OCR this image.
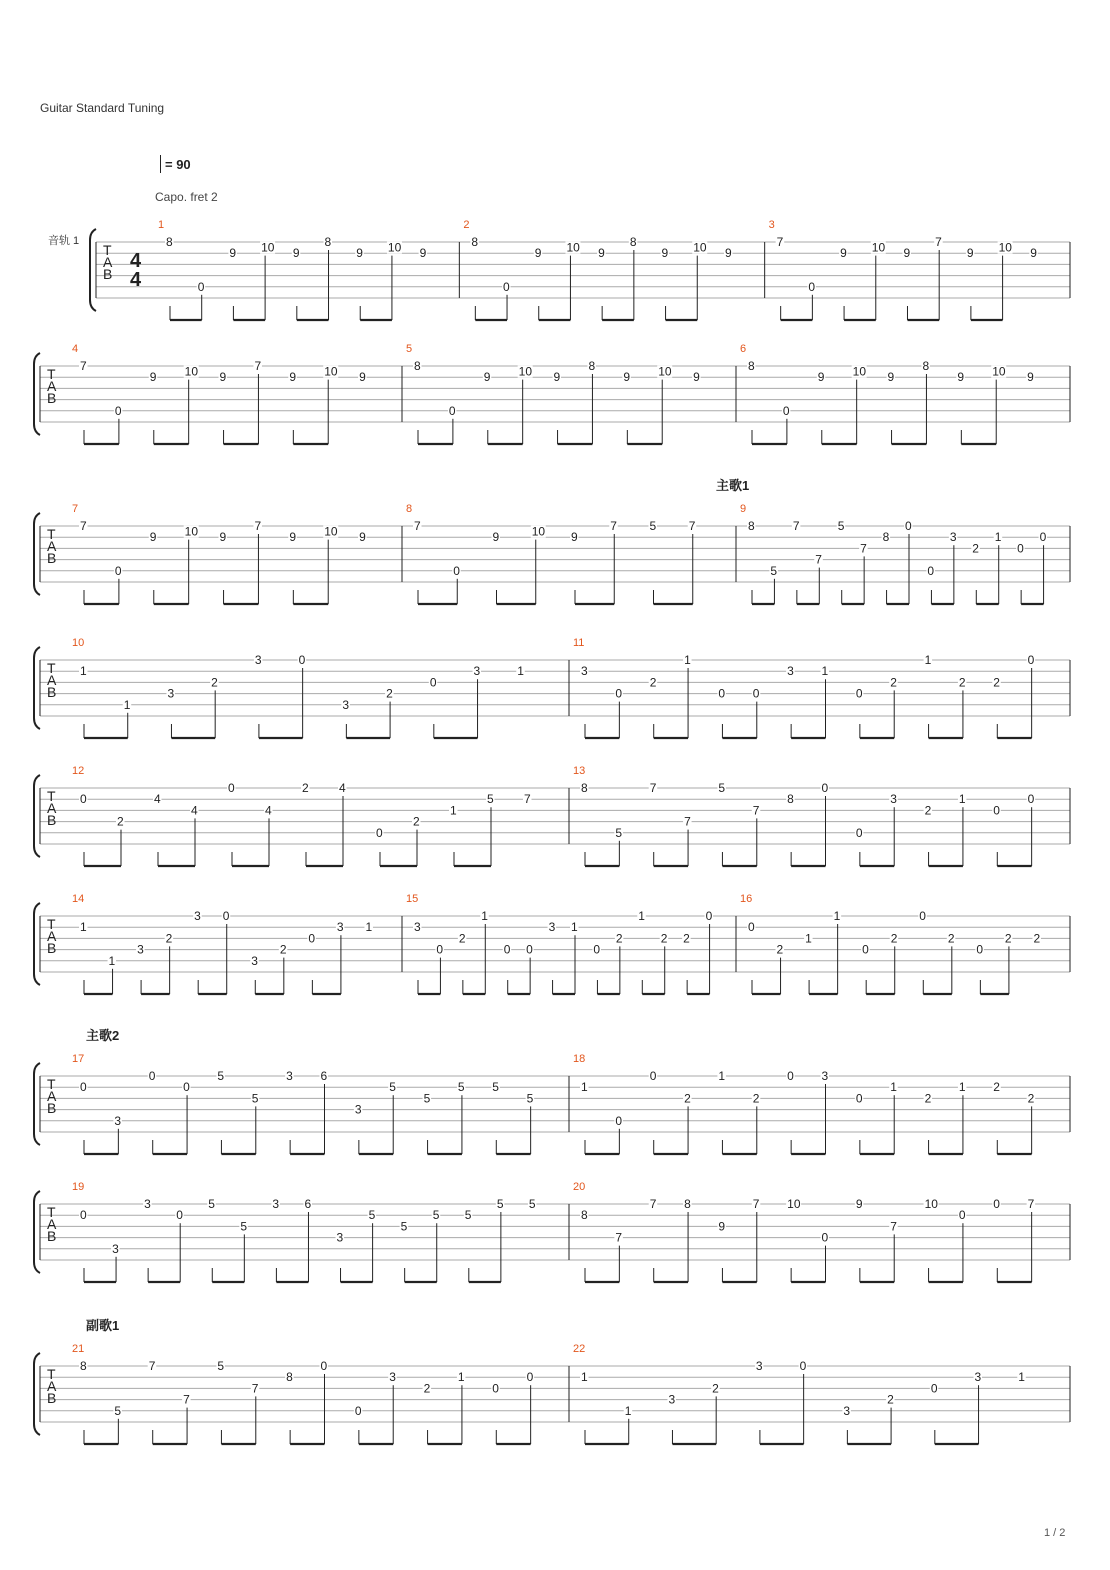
Guitar Standard Tuning
= 90
Capo. fret 2
音轨 1
T
A
B
4
4
1
8
0
9 10 9
8
9 10 9
2
8
0
9 10 9
8
9 10 9
3
7
0
9 10 9
7
9 10 9
T
A
B
4
7
0
9 10 9
7
9 10 9
5
8
0
9 10 9
8
9 10 9
6
8
0
9 10 9
8
9 10 9
T
A
B
主歌1
7
7
0
9 10 9
7
9 10 9
8
7
0
9	10 9
7	5	7
9
8
5
7
7
5
7
8
0
0
3
2
1
0
0
T
A
B
10
1
1
3
2
3	0
3
2
0
3	1
11
3
0
2
1
0 0
3 1
0
2
1
2 2
0
T
A
B
12
0
2
4
4
0
4
2	4
0
2
1
5	7
13
8
5
7
7
5
7
8
0
0
3
2
1
0
0
T
A
B
14
1
1
3
2
3 0
3
2
0
3 1
15
3
0
2
1
0 0
3 1
0
2
1
2 2
0
16
0
2
1
1
0
2
0
2
0
2 2
T
A
B
主歌2
17
0
3
0
0
5
5
3 6
3
5
5
5 5
5
18
1
0
0
2
1
2
0 3
0
1
2
1 2
2
T
A
B
19
0
3
3
0
5
5
3 6
3
5
5
5 5
5 5
20
8
7
7 8
9
7 10
0
9
7
10
0
0 7
T
A
B
副歌1
21
8
5
7
7
5
7
8
0
0
3
2
1
0
0
22
1
1
3
2
3	0
3
2
0
3	1
1 / 2
